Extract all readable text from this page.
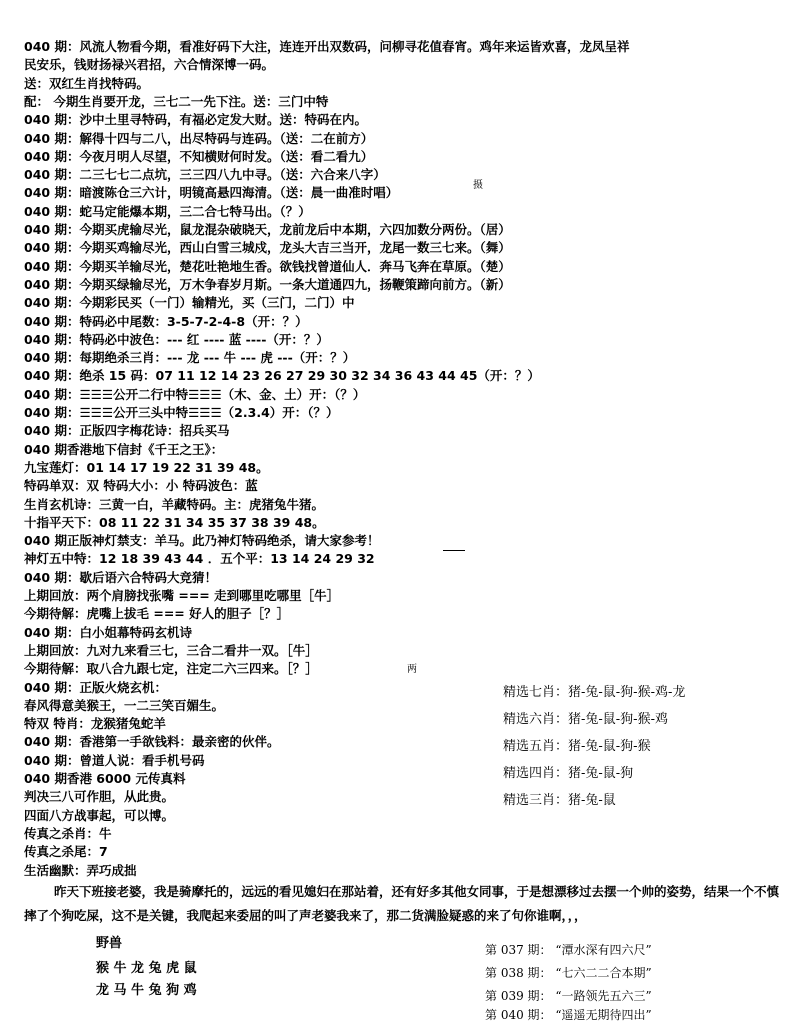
040 期：风流人物看今期，看准好码下大注，连连开出双数码，问柳寻花值春宵。鸡年来运皆欢喜，龙凤呈祥
民安乐，钱财扬禄兴君招，六合情深博一码。
送：双红生肖找特码。
配： 今期生肖要开龙，三七二一先下注。送：三门中特
040 期：沙中土里寻特码，有福必定发大财。送：特码在内。
040 期：解得十四与二八，出尽特码与连码。（送：二在前方）
040 期：今夜月明人尽望，不知横财何时发。（送：看二看九）
040 期：二三七七二点坑，三三四八九中寻。（送：六合来八字）
040 期：暗渡陈仓三六计，明镜高悬四海清。（送：晨一曲准时唱）
040 期：蛇马定能爆本期，三二合七特马出。（？）
040 期：今期买虎输尽光，鼠龙混杂破晓天，龙前龙后中本期，六四加数分两份。（居）
040 期：今期买鸡输尽光，西山白雪三城戍，龙头大吉三当开，龙尾一数三七来。（舞）
040 期：今期买羊输尽光，楚花吐艳地生香。欲钱找曾道仙人．奔马飞奔在草原。（楚）
040 期：今期买绿输尽光，万木争春岁月斯。一条大道通四九，扬鞭策蹄向前方。（新）
040 期：今期彩民买（一门）输精光，买（三门，二门）中
040 期：特码必中尾数：3-5-7-2-4-8（开：？）
040 期：特码必中波色：--- 红 ---- 蓝 ----（开：？）
040 期：每期绝杀三肖：--- 龙 --- 牛 --- 虎 ---（开：？）
040 期：绝杀 15 码：07 11 12 14 23 26 27 29 30 32 34 36 43 44 45（开：？）
040 期：☰☰☰公开二行中特☰☰☰（木、金、土）开：（？）
040 期：☰☰☰公开三头中特☰☰☰（2.3.4）开：（？）
040 期：正版四字梅花诗：招兵买马
040 期香港地下信封《千王之王》：
九宝莲灯：01 14 17 19 22 31 39 48。
特码单双：双 特码大小：小 特码波色：蓝
生肖玄机诗：三黄一白，羊藏特码。主：虎猪兔牛猪。
十指平天下：08 11 22 31 34 35 37 38 39 48。
040 期正版神灯禁支：羊马。此乃神灯特码绝杀，请大家参考！
神灯五中特：12 18 39 43 44 ．五个平：13 14 24 29 32
040 期：歇后语六合特码大竞猜！
上期回放：两个肩膀找张嘴 === 走到哪里吃哪里［牛］
今期待解：虎嘴上拔毛 === 好人的胆子［？］
040 期：白小姐幕特码玄机诗
上期回放：九对九来看三七，三合二看井一双。［牛］
今期待解：取八合九跟七定，注定二六三四来。［？］
040 期：正版火烧玄机：
春风得意美猴王，一二三笑百媚生。
特双 特肖：龙猴猪兔蛇羊
040 期：香港第一手欲钱料：最亲密的伙伴。
040 期：曾道人说：看手机号码
040 期香港 6000 元传真料
判决三八可作胆，从此贵。
四面八方战事起，可以博。
传真之杀肖：牛
传真之杀尾：7
生活幽默：弄巧成拙
摄
两
精选七肖：猪-兔-鼠-狗-猴-鸡-龙
精选六肖：猪-兔-鼠-狗-猴-鸡
精选五肖：猪-兔-鼠-狗-猴
精选四肖：猪-兔-鼠-狗
精选三肖：猪-兔-鼠
昨天下班接老婆，我是骑摩托的，远远的看见媳妇在那站着，还有好多其他女同事，于是想漂移过去摆一个帅的姿势，结果一个不慎摔了个狗吃屎，这不是关键，我爬起来委屈的叫了声老婆我来了，那二货满脸疑惑的来了句你谁啊，，，
野兽
猴 牛 龙 兔 虎 鼠
龙 马 牛 兔 狗 鸡
第 037 期： “潭水深有四六尺”
第 038 期： “七六二二合本期”
第 039 期： “一路领先五六三”
第 040 期： “遥遥无期待四出”
